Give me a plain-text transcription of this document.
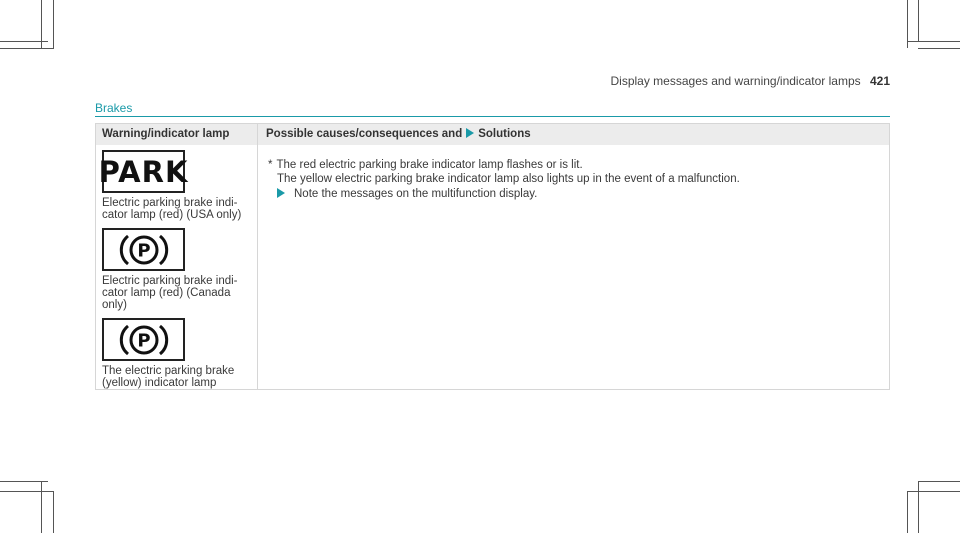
Display messages and warning/indicator lamps 421
Brakes
Warning/indicator lamp	Possible causes/consequences and Solutions
PARK
Electric parking brake indi-cator lamp (red) (USA only)
P
Electric parking brake indi-cator lamp (red) (Canada only)
P
The electric parking brake (yellow) indicator lamp

* The red electric parking brake indicator lamp flashes or is lit.

The yellow electric parking brake indicator lamp also lights up in the event of a malfunction.

Note the messages on the multifunction display.
